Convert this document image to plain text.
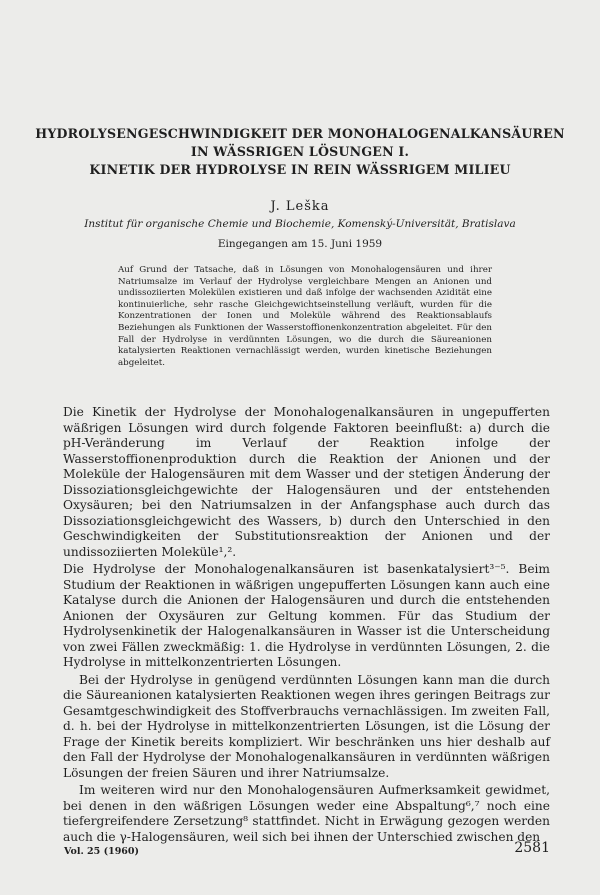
HYDROLYSENGESCHWINDIGKEIT DER MONOHALOGENALKANSÄUREN
IN WÄSSRIGEN LÖSUNGEN I.
KINETIK DER HYDROLYSE IN REIN WÄSSRIGEM MILIEU
J. Leška
Institut für organische Chemie und Biochemie, Komenský-Universität, Bratislava
Eingegangen am 15. Juni 1959
Auf Grund der Tatsache, daß in Lösungen von Monohalogensäuren und ihrer Natriumsalze im Verlauf der Hydrolyse vergleichbare Mengen an Anionen und undissoziierten Molekülen existieren und daß infolge der wachsenden Azidität eine kontinuierliche, sehr rasche Gleichgewichtseinstellung verläuft, wurden für die Konzentrationen der Ionen und Moleküle während des Reaktionsablaufs Beziehungen als Funktionen der Wasserstoffionenkonzentration abgeleitet. Für den Fall der Hydrolyse in verdünnten Lösungen, wo die durch die Säureanionen katalysierten Reaktionen vernachlässigt werden, wurden kinetische Beziehungen abgeleitet.

Die Kinetik der Hydrolyse der Monohalogenalkansäuren in ungepufferten wäßrigen Lösungen wird durch folgende Faktoren beeinflußt: a) durch die pH-Veränderung im Verlauf der Reaktion infolge der Wasserstoffionenproduktion durch die Reaktion der Anionen und der Moleküle der Halogensäuren mit dem Wasser und der stetigen Änderung der Dissoziationsgleichgewichte der Halogensäuren und der entstehenden Oxysäuren; bei den Natriumsalzen in der Anfangsphase auch durch das Dissoziationsgleichgewicht des Wassers, b) durch den Unterschied in den Geschwindigkeiten der Substitutionsreaktion der Anionen und der undissoziierten Moleküle¹,².

Die Hydrolyse der Monohalogenalkansäuren ist basenkatalysiert³⁻⁵. Beim Studium der Reaktionen in wäßrigen ungepufferten Lösungen kann auch eine Katalyse durch die Anionen der Halogensäuren und durch die entstehenden Anionen der Oxysäuren zur Geltung kommen. Für das Studium der Hydrolysenkinetik der Halogenalkansäuren in Wasser ist die Unterscheidung von zwei Fällen zweckmäßig: 1. die Hydrolyse in verdünnten Lösungen, 2. die Hydrolyse in mittelkonzentrierten Lösungen.

Bei der Hydrolyse in genügend verdünnten Lösungen kann man die durch die Säureanionen katalysierten Reaktionen wegen ihres geringen Beitrags zur Gesamtgeschwindigkeit des Stoffverbrauchs vernachlässigen. Im zweiten Fall, d. h. bei der Hydrolyse in mittelkonzentrierten Lösungen, ist die Lösung der Frage der Kinetik bereits kompliziert. Wir beschränken uns hier deshalb auf den Fall der Hydrolyse der Monohalogenalkansäuren in verdünnten wäßrigen Lösungen der freien Säuren und ihrer Natriumsalze.

Im weiteren wird nur den Monohalogensäuren Aufmerksamkeit gewidmet, bei denen in den wäßrigen Lösungen weder eine Abspaltung⁶,⁷ noch eine tiefergreifendere Zersetzung⁸ stattfindet. Nicht in Erwägung gezogen werden auch die γ-Halogensäuren, weil sich bei ihnen der Unterschied zwischen den

Vol. 25 (1960)	2581
